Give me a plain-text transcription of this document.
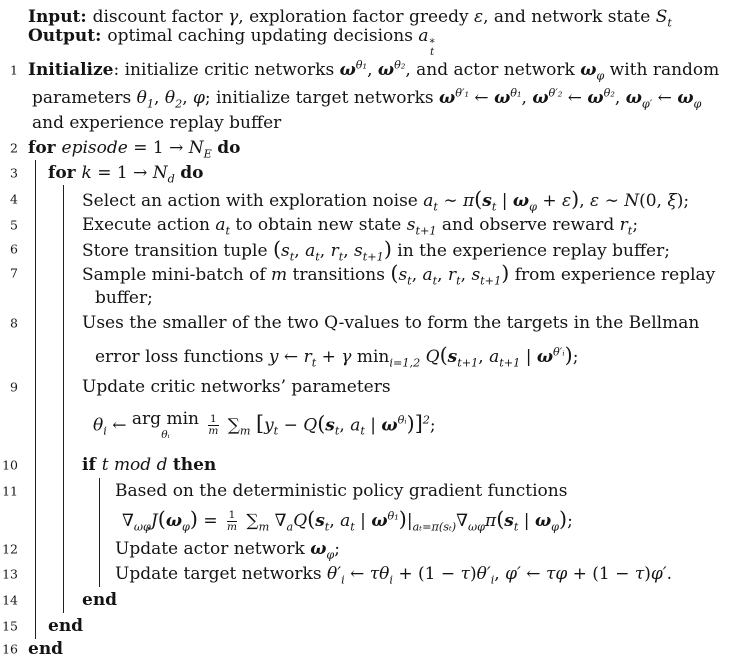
Input: discount factor γ, exploration factor greedy ε, and network state $S_t$
Output: optimal caching updating decisions a ∗
t
1 Initialize: initialize critic networks $\omega^{\theta_1}$, $\omega^{\theta_2}$, and actor network $\omega_\varphi$ with random
parameters $\theta_1$, $\theta_2$, φ; initialize target networks $\omega^{\theta'_1}$ ← $\omega^{\theta_1}$, $\omega^{\theta'_2}$ ← $\omega^{\theta_2}$, $\omega_{\varphi'}$ ← $\omega_\varphi$
and experience replay buffer
2 for episode = $1 \to N_E$ do
3	for $k = 1 \to N_d$ do
4	Select an action with exploration noise $a_t$ ∼ $\pi(s_t$ | $\omega_\varphi + \varepsilon$), ε ∼ N(0, ξ);
5	Execute action $a_t$ to obtain new state $s_{t+1}$ and observe reward $r_t$;
6	Store transition tuple ($s_t$, $a_t$, $r_t$, $s_{t+1}$) in the experience replay buffer;
7	Sample mini-batch of m transitions ($s_t$, $a_t$, $r_t$, $s_{t+1}$) from experience replay
buffer;
8	Uses the smaller of the two Q-values to form the targets in the Bellman
error loss functions y ← $r_t + \gamma$ $\min_{i=1,2} Q(s_{t+1}$, $a_{t+1}$ | $\omega^{\theta'ᵢ}$);
9	Update critic networks’ parameters
$\theta_i$ ← arg min
θᵢ
	$\frac{1}{m} \sum_m$ [$y_t - Q(s_t$, $a_t$ | $\omega^{\theta ᵢ})]^2$;
10	if t mod d then
11	Based on the deterministic policy gradient functions
$\nabla_{\omega\varphi}J(\omega_\varphi) = \frac{1}{m} \sum_m$ $\nabla_aQ(s_t$, $a_t$ | $\omega^{\theta_1})|_{a_t=\pi(s_t)}\nabla_{\omega\varphi}\pi(s_t$ | $\omega_\varphi$);
12	Update actor network $\omega_\varphi$;
13	Update target networks $\theta'_i$ ← $\tau\theta_i + (1 - \tau)\theta'_i$, φ′ ← τφ + (1 − τ)φ′.
14	end
15	end
16 end
